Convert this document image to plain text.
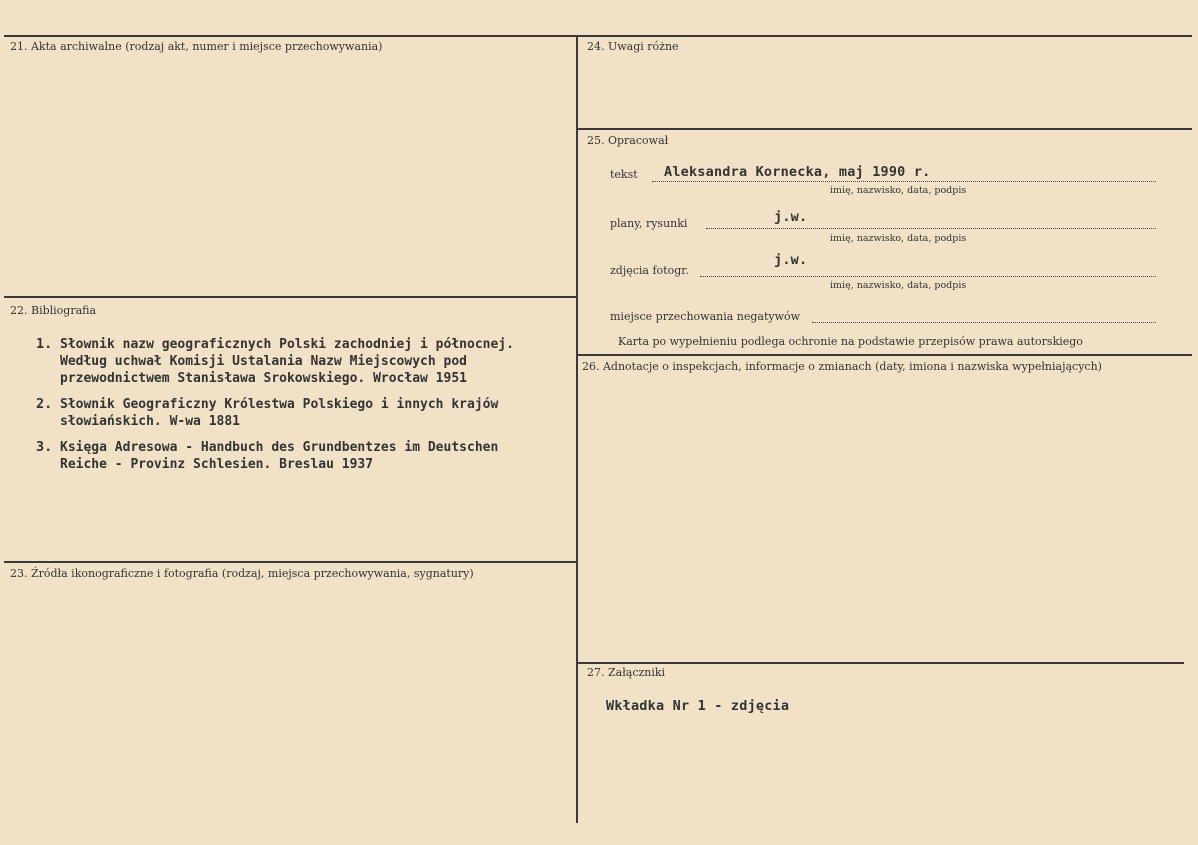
21. Akta archiwalne (rodzaj akt, numer i miejsce przechowywania)
22. Bibliografia
1. Słownik nazw geograficznych Polski zachodniej i północnej.
Według uchwał Komisji Ustalania Nazw Miejscowych pod
przewodnictwem Stanisława Srokowskiego. Wrocław 1951
2. Słownik Geograficzny Królestwa Polskiego i innych krajów
słowiańskich. W-wa 1881
3. Księga Adresowa - Handbuch des Grundbentzes im Deutschen
Reiche - Provinz Schlesien. Breslau 1937
23. Źródła ikonograficzne i fotografia (rodzaj, miejsca przechowywania, sygnatury)
24. Uwagi różne
25. Opracował
tekst Aleksandra Kornecka, maj 1990 r.
imię, nazwisko, data, podpis
plany, rysunki	j.w.
imię, nazwisko, data, podpis
zdjęcia fotogr.
j.w.
imię, nazwisko, data, podpis
miejsce przechowania negatywów
Karta po wypełnieniu podlega ochronie na podstawie przepisów prawa autorskiego
26. Adnotacje o inspekcjach, informacje o zmianach (daty, imiona i nazwiska wypełniających)
27. Załączniki
Wkładka Nr 1 - zdjęcia
